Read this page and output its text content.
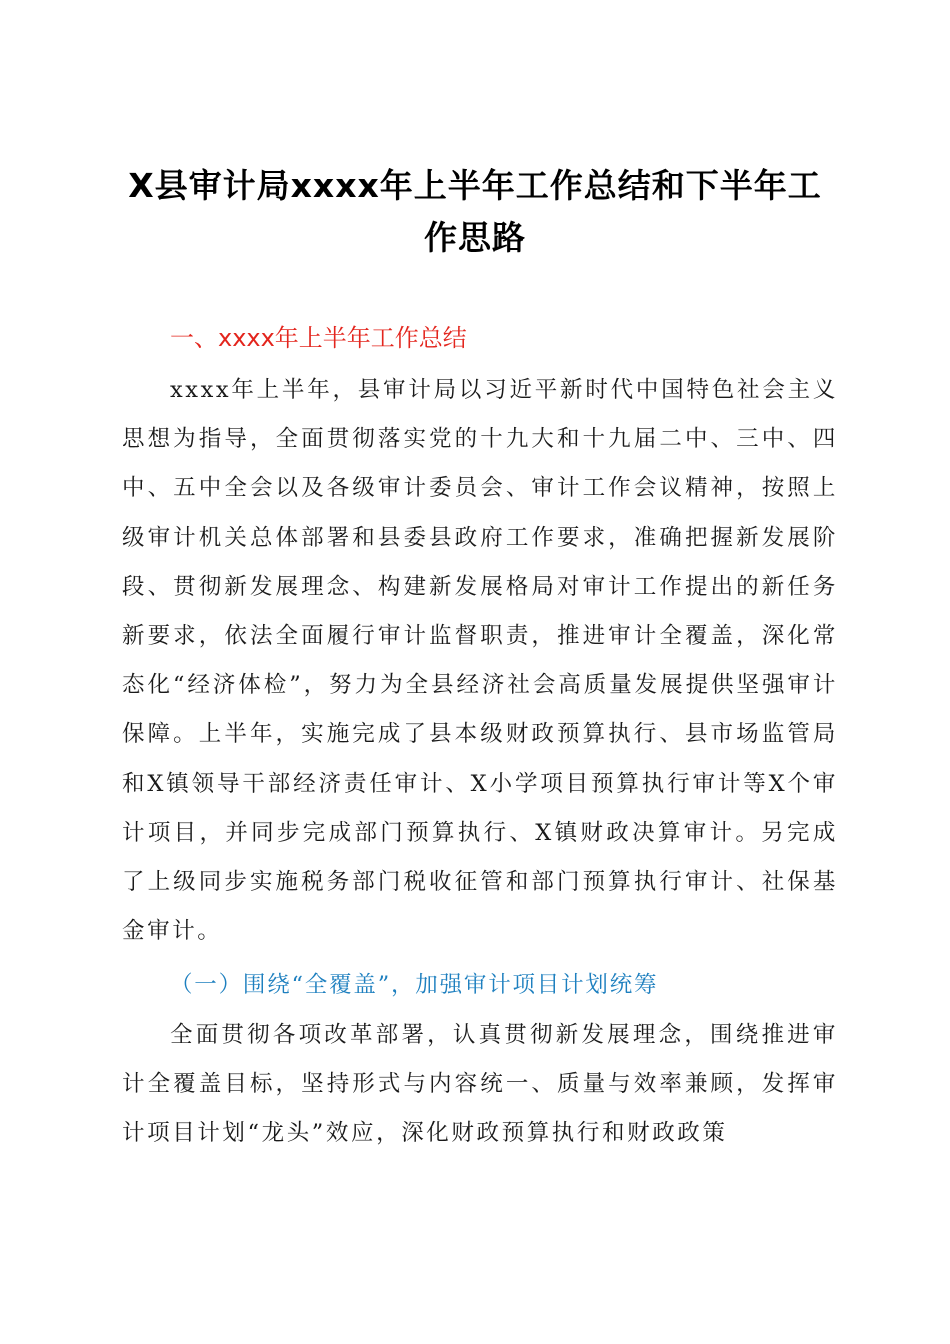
X县审计局xxxx年上半年工作总结和下半年工作思路
一、xxxx年上半年工作总结

xxxx年上半年，县审计局以习近平新时代中国特色社会主义思想为指导，全面贯彻落实党的十九大和十九届二中、三中、四中、五中全会以及各级审计委员会、审计工作会议精神，按照上级审计机关总体部署和县委县政府工作要求，准确把握新发展阶段、贯彻新发展理念、构建新发展格局对审计工作提出的新任务新要求，依法全面履行审计监督职责，推进审计全覆盖，深化常态化“经济体检”，努力为全县经济社会高质量发展提供坚强审计保障。上半年，实施完成了县本级财政预算执行、县市场监管局和X镇领导干部经济责任审计、X小学项目预算执行审计等X个审计项目，并同步完成部门预算执行、X镇财政决算审计。另完成了上级同步实施税务部门税收征管和部门预算执行审计、社保基金审计。

（一）围绕“全覆盖”，加强审计项目计划统筹

全面贯彻各项改革部署，认真贯彻新发展理念，围绕推进审计全覆盖目标，坚持形式与内容统一、质量与效率兼顾，发挥审计项目计划“龙头”效应，深化财政预算执行和财政政策
